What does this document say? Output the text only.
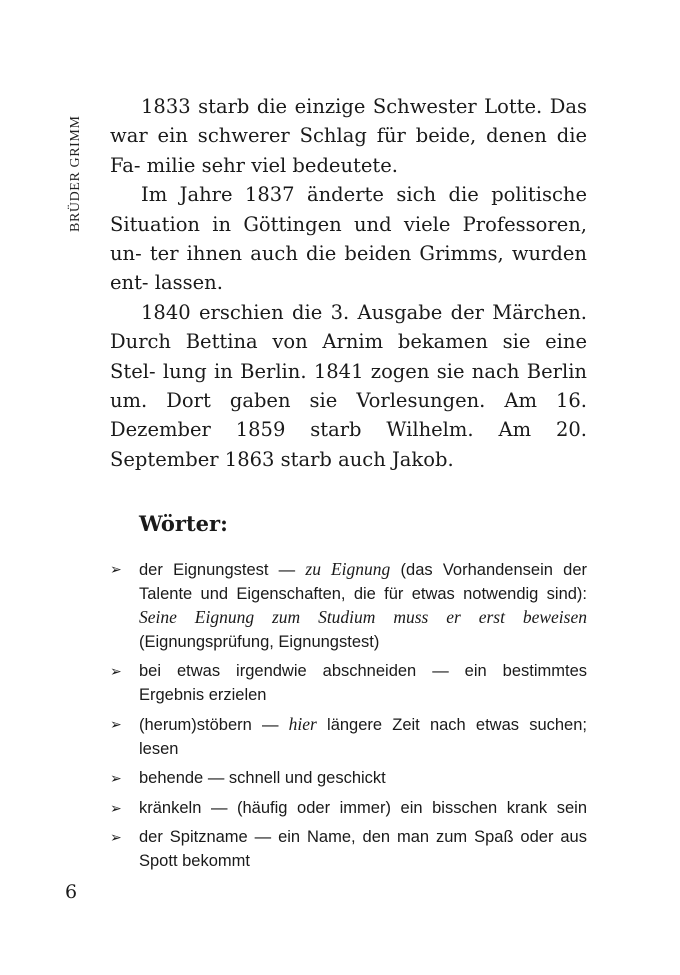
BRÜDER GRIMM

1833 starb die einzige Schwester Lotte. Das war ein schwerer Schlag für beide, denen die Fa- milie sehr viel bedeutete.

Im Jahre 1837 änderte sich die politische Situation in Göttingen und viele Professoren, un- ter ihnen auch die beiden Grimms, wurden ent- lassen.

1840 erschien die 3. Ausgabe der Märchen. Durch Bettina von Arnim bekamen sie eine Stel- lung in Berlin. 1841 zogen sie nach Berlin um. Dort gaben sie Vorlesungen. Am 16. Dezember 1859 starb Wilhelm. Am 20. September 1863 starb auch Jakob.

Wörter:
➢ der Eignungstest — zu Eignung (das Vorhandensein der Talente und Eigenschaften, die für etwas notwendig sind): Seine Eignung zum Studium muss er erst beweisen (Eignungsprüfung, Eignungstest)
➢ bei etwas irgendwie abschneiden — ein bestimmtes Ergebnis erzielen
➢ (herum)stöbern — hier längere Zeit nach etwas suchen; lesen
➢ behende — schnell und geschickt
➢ kränkeln — (häufig oder immer) ein bisschen krank sein
➢ der Spitzname — ein Name, den man zum Spaß oder aus Spott bekommt
6
